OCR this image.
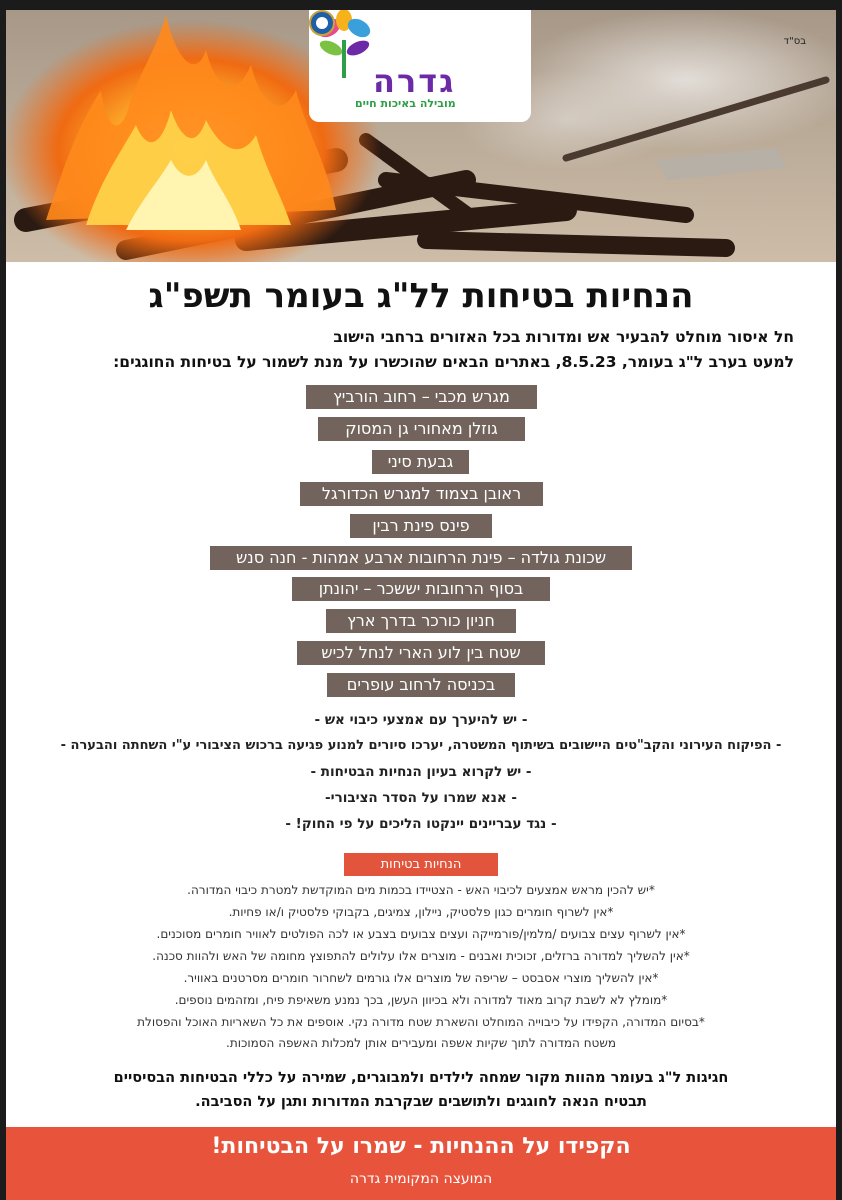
בס"ד
גדרה
מובילה באיכות חיים
הנחיות בטיחות לל"ג בעומר תשפ"ג
חל איסור מוחלט להבעיר אש ומדורות בכל האזורים ברחבי הישוב
למעט בערב ל"ג בעומר, 8.5.23, באתרים הבאים שהוכשרו על מנת לשמור על בטיחות החוגגים:
מגרש מכבי – רחוב הורביץ
גוזלן מאחורי גן המסוק
גבעת סיני
ראובן בצמוד למגרש הכדורגל
פינס פינת רבין
שכונת גולדה – פינת הרחובות ארבע אמהות - חנה סנש
בסוף הרחובות יששכר – יהונתן
חניון כורכר בדרך ארץ
שטח בין לוע הארי לנחל לכיש
בכניסה לרחוב עופרים
- יש להיערך עם אמצעי כיבוי אש -
- הפיקוח העירוני והקב"טים היישובים בשיתוף המשטרה, יערכו סיורים למנוע פגיעה ברכוש הציבורי ע"י השחתה והבערה -
- יש לקרוא בעיון הנחיות הבטיחות -
- אנא שמרו על הסדר הציבורי-
- נגד עבריינים יינקטו הליכים על פי החוק! -
הנחיות בטיחות
*יש להכין מראש אמצעים לכיבוי האש - הצטיידו בכמות מים המוקדשת למטרת כיבוי המדורה.
*אין לשרוף חומרים כגון פלסטיק, ניילון, צמיגים, בקבוקי פלסטיק ו/או פחיות.
*אין לשרוף עצים צבועים /מלמין/פורמייקה ועצים צבועים בצבע או לכה הפולטים לאוויר חומרים מסוכנים.
*אין להשליך למדורה ברזלים, זכוכית ואבנים - מוצרים אלו עלולים להתפוצץ מחומה של האש ולהוות סכנה.
*אין להשליך מוצרי אסבסט – שריפה של מוצרים אלו גורמים לשחרור חומרים מסרטנים באוויר.
*מומלץ לא לשבת קרוב מאוד למדורה ולא בכיוון העשן, בכך נמנע משאיפת פיח, ומזהמים נוספים.
*בסיום המדורה, הקפידו על כיבוייה המוחלט והשארת שטח מדורה נקי. אוספים את כל השאריות האוכל והפסולת
משטח המדורה לתוך שקיות אשפה ומעבירים אותן למכלות האשפה הסמוכות.
חגיגות ל"ג בעומר מהוות מקור שמחה לילדים ולמבוגרים, שמירה על כללי הבטיחות הבסיסיים
תבטיח הנאה לחוגגים ולתושבים שבקרבת המדורות ותגן על הסביבה.
הקפידו על ההנחיות - שמרו על הבטיחות!
המועצה המקומית גדרה
